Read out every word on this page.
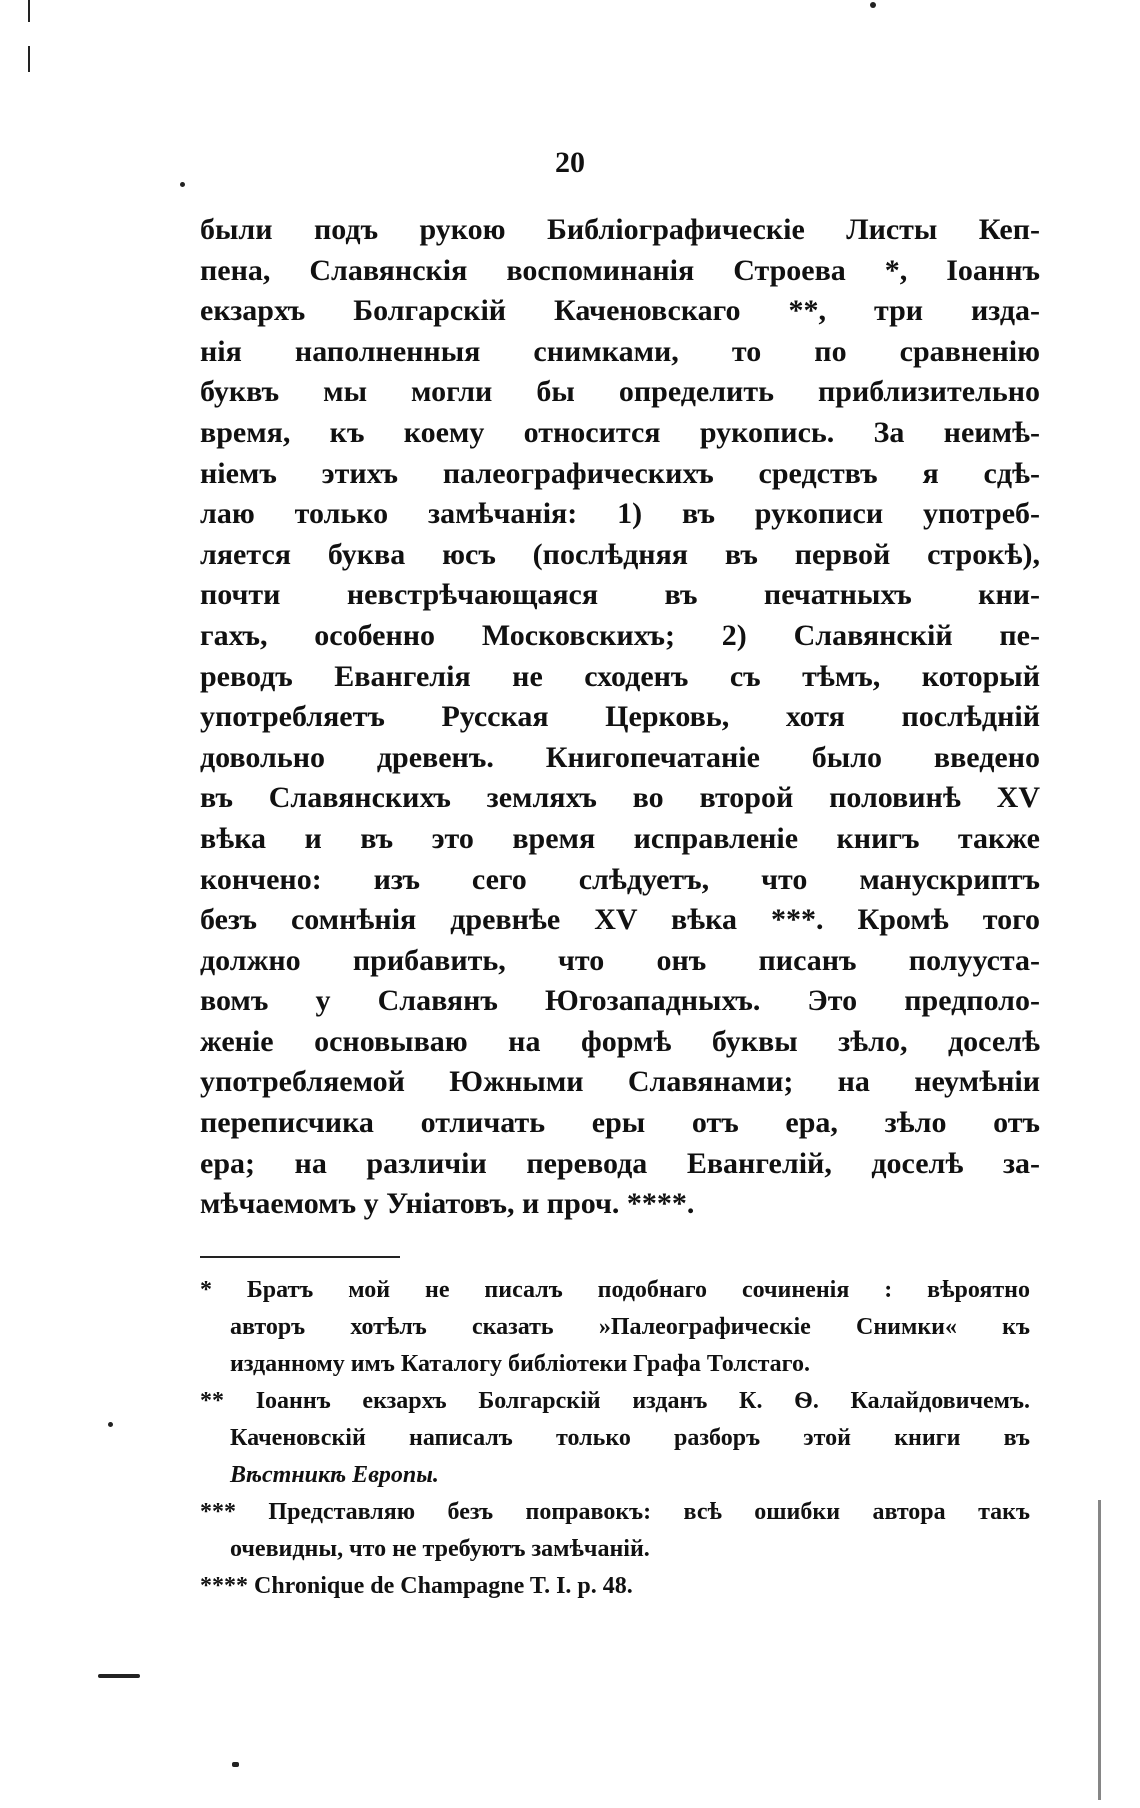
20
были подъ рукою Библiографическiе Листы Кеп-
пена, Славянскiя воспоминанiя Строева *, Iоаннъ
екзархъ Болгарскiй Каченовскаго **, три изда-
нiя наполненныя снимками, то по сравненiю
буквъ мы могли бы определить приблизительно
время, къ коему относится рукопись. За неимѣ-
нiемъ этихъ палеографическихъ средствъ я сдѣ-
лаю только замѣчанiя: 1) въ рукописи употреб-
ляется буква юсъ (послѣдняя въ первой строкѣ),
почти невстрѣчающаяся въ печатныхъ кни-
гахъ, особенно Московскихъ; 2) Славянскiй пе-
реводъ Евангелiя не сходенъ съ тѣмъ, который
употребляетъ Русская Церковь, хотя послѣднiй
довольно древенъ. Книгопечатанiе было введено
въ Славянскихъ земляхъ во второй половинѣ XV
вѣка и въ это время исправленiе книгъ также
кончено: изъ сего слѣдуетъ, что манускриптъ
безъ сомнѣнiя древнѣе XV вѣка ***. Кромѣ того
должно прибавить, что онъ писанъ полууста-
вомъ у Славянъ Югозападныхъ. Это предполо-
женiе основываю на формѣ буквы зѣло, доселѣ
употребляемой Южными Славянами; на неумѣнiи
переписчика отличать еры отъ ера, зѣло отъ
ера; на различiи перевода Евангелiй, доселѣ за-
мѣчаемомъ у Унiатовъ, и проч. ****.
* Братъ мой не писалъ подобнаго сочиненiя : вѣроятно
авторъ хотѣлъ сказать »Палеографическiе Снимки« къ
изданному имъ Каталогу библiотеки Графа Толстаго.
** Iоаннъ екзархъ Болгарскiй изданъ К. Ѳ. Калайдовичемъ.
Каченовскiй написалъ только разборъ этой книги въ
Вѣстникѣ Европы.
*** Представляю безъ поправокъ: всѣ ошибки автора такъ
очевидны, что не требуютъ замѣчанiй.
**** Chronique de Champagne T. I. p. 48.
